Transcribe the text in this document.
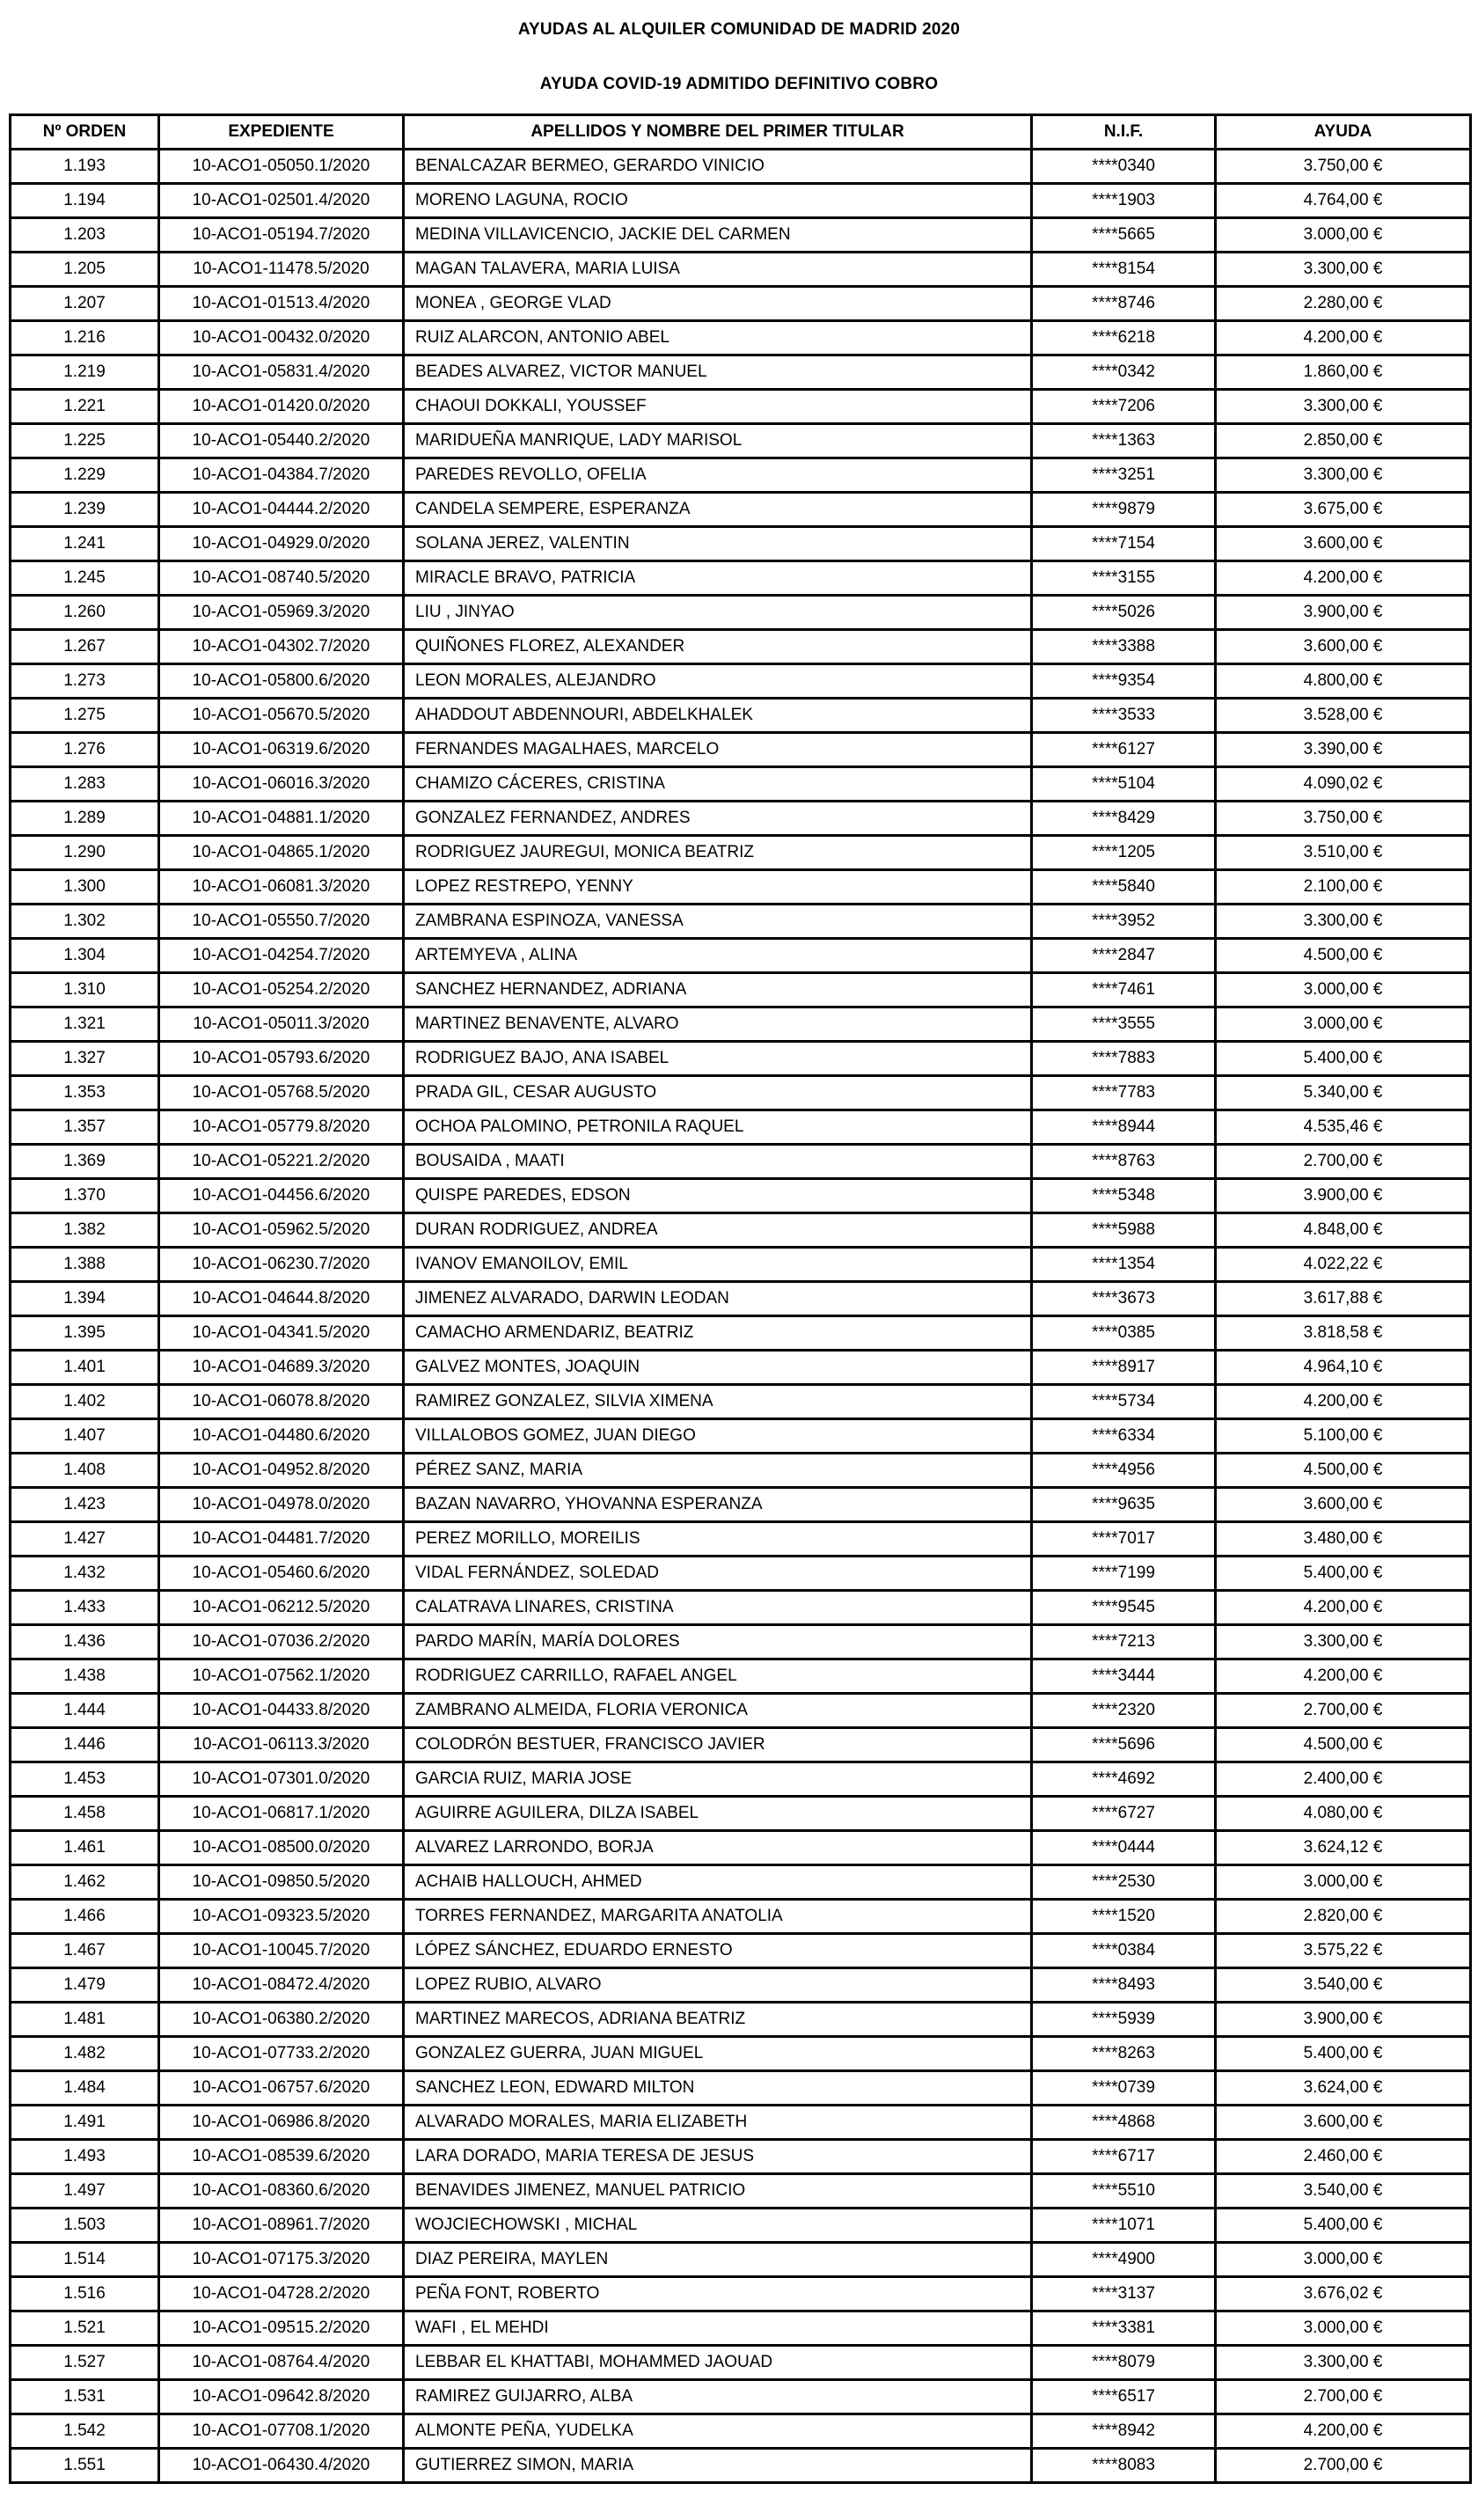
AYUDAS AL ALQUILER COMUNIDAD DE MADRID 2020
AYUDA COVID-19 ADMITIDO DEFINITIVO COBRO
Nº ORDEN	EXPEDIENTE	APELLIDOS Y NOMBRE DEL PRIMER TITULAR	N.I.F.	AYUDA
1.193	10-ACO1-05050.1/2020	BENALCAZAR BERMEO, GERARDO VINICIO	****0340	3.750,00 €
1.194	10-ACO1-02501.4/2020	MORENO LAGUNA, ROCIO	****1903	4.764,00 €
1.203	10-ACO1-05194.7/2020	MEDINA VILLAVICENCIO, JACKIE DEL CARMEN	****5665	3.000,00 €
1.205	10-ACO1-11478.5/2020	MAGAN TALAVERA, MARIA LUISA	****8154	3.300,00 €
1.207	10-ACO1-01513.4/2020	MONEA , GEORGE VLAD	****8746	2.280,00 €
1.216	10-ACO1-00432.0/2020	RUIZ ALARCON, ANTONIO ABEL	****6218	4.200,00 €
1.219	10-ACO1-05831.4/2020	BEADES ALVAREZ, VICTOR MANUEL	****0342	1.860,00 €
1.221	10-ACO1-01420.0/2020	CHAOUI DOKKALI, YOUSSEF	****7206	3.300,00 €
1.225	10-ACO1-05440.2/2020	MARIDUEÑA MANRIQUE, LADY MARISOL	****1363	2.850,00 €
1.229	10-ACO1-04384.7/2020	PAREDES REVOLLO, OFELIA	****3251	3.300,00 €
1.239	10-ACO1-04444.2/2020	CANDELA SEMPERE, ESPERANZA	****9879	3.675,00 €
1.241	10-ACO1-04929.0/2020	SOLANA JEREZ, VALENTIN	****7154	3.600,00 €
1.245	10-ACO1-08740.5/2020	MIRACLE BRAVO, PATRICIA	****3155	4.200,00 €
1.260	10-ACO1-05969.3/2020	LIU , JINYAO	****5026	3.900,00 €
1.267	10-ACO1-04302.7/2020	QUIÑONES FLOREZ, ALEXANDER	****3388	3.600,00 €
1.273	10-ACO1-05800.6/2020	LEON MORALES, ALEJANDRO	****9354	4.800,00 €
1.275	10-ACO1-05670.5/2020	AHADDOUT ABDENNOURI, ABDELKHALEK	****3533	3.528,00 €
1.276	10-ACO1-06319.6/2020	FERNANDES MAGALHAES, MARCELO	****6127	3.390,00 €
1.283	10-ACO1-06016.3/2020	CHAMIZO CÁCERES, CRISTINA	****5104	4.090,02 €
1.289	10-ACO1-04881.1/2020	GONZALEZ FERNANDEZ, ANDRES	****8429	3.750,00 €
1.290	10-ACO1-04865.1/2020	RODRIGUEZ JAUREGUI, MONICA BEATRIZ	****1205	3.510,00 €
1.300	10-ACO1-06081.3/2020	LOPEZ RESTREPO, YENNY	****5840	2.100,00 €
1.302	10-ACO1-05550.7/2020	ZAMBRANA ESPINOZA, VANESSA	****3952	3.300,00 €
1.304	10-ACO1-04254.7/2020	ARTEMYEVA , ALINA	****2847	4.500,00 €
1.310	10-ACO1-05254.2/2020	SANCHEZ HERNANDEZ, ADRIANA	****7461	3.000,00 €
1.321	10-ACO1-05011.3/2020	MARTINEZ BENAVENTE, ALVARO	****3555	3.000,00 €
1.327	10-ACO1-05793.6/2020	RODRIGUEZ BAJO, ANA ISABEL	****7883	5.400,00 €
1.353	10-ACO1-05768.5/2020	PRADA GIL, CESAR AUGUSTO	****7783	5.340,00 €
1.357	10-ACO1-05779.8/2020	OCHOA PALOMINO, PETRONILA RAQUEL	****8944	4.535,46 €
1.369	10-ACO1-05221.2/2020	BOUSAIDA , MAATI	****8763	2.700,00 €
1.370	10-ACO1-04456.6/2020	QUISPE PAREDES, EDSON	****5348	3.900,00 €
1.382	10-ACO1-05962.5/2020	DURAN RODRIGUEZ, ANDREA	****5988	4.848,00 €
1.388	10-ACO1-06230.7/2020	IVANOV EMANOILOV, EMIL	****1354	4.022,22 €
1.394	10-ACO1-04644.8/2020	JIMENEZ ALVARADO, DARWIN LEODAN	****3673	3.617,88 €
1.395	10-ACO1-04341.5/2020	CAMACHO ARMENDARIZ, BEATRIZ	****0385	3.818,58 €
1.401	10-ACO1-04689.3/2020	GALVEZ MONTES, JOAQUIN	****8917	4.964,10 €
1.402	10-ACO1-06078.8/2020	RAMIREZ GONZALEZ, SILVIA XIMENA	****5734	4.200,00 €
1.407	10-ACO1-04480.6/2020	VILLALOBOS GOMEZ, JUAN DIEGO	****6334	5.100,00 €
1.408	10-ACO1-04952.8/2020	PÉREZ SANZ, MARIA	****4956	4.500,00 €
1.423	10-ACO1-04978.0/2020	BAZAN NAVARRO, YHOVANNA ESPERANZA	****9635	3.600,00 €
1.427	10-ACO1-04481.7/2020	PEREZ MORILLO, MOREILIS	****7017	3.480,00 €
1.432	10-ACO1-05460.6/2020	VIDAL FERNÁNDEZ, SOLEDAD	****7199	5.400,00 €
1.433	10-ACO1-06212.5/2020	CALATRAVA LINARES, CRISTINA	****9545	4.200,00 €
1.436	10-ACO1-07036.2/2020	PARDO MARÍN, MARÍA DOLORES	****7213	3.300,00 €
1.438	10-ACO1-07562.1/2020	RODRIGUEZ CARRILLO, RAFAEL ANGEL	****3444	4.200,00 €
1.444	10-ACO1-04433.8/2020	ZAMBRANO ALMEIDA, FLORIA VERONICA	****2320	2.700,00 €
1.446	10-ACO1-06113.3/2020	COLODRÓN BESTUER, FRANCISCO JAVIER	****5696	4.500,00 €
1.453	10-ACO1-07301.0/2020	GARCIA RUIZ, MARIA JOSE	****4692	2.400,00 €
1.458	10-ACO1-06817.1/2020	AGUIRRE AGUILERA, DILZA ISABEL	****6727	4.080,00 €
1.461	10-ACO1-08500.0/2020	ALVAREZ LARRONDO, BORJA	****0444	3.624,12 €
1.462	10-ACO1-09850.5/2020	ACHAIB HALLOUCH, AHMED	****2530	3.000,00 €
1.466	10-ACO1-09323.5/2020	TORRES FERNANDEZ, MARGARITA ANATOLIA	****1520	2.820,00 €
1.467	10-ACO1-10045.7/2020	LÓPEZ SÁNCHEZ, EDUARDO ERNESTO	****0384	3.575,22 €
1.479	10-ACO1-08472.4/2020	LOPEZ RUBIO, ALVARO	****8493	3.540,00 €
1.481	10-ACO1-06380.2/2020	MARTINEZ MARECOS, ADRIANA BEATRIZ	****5939	3.900,00 €
1.482	10-ACO1-07733.2/2020	GONZALEZ GUERRA, JUAN MIGUEL	****8263	5.400,00 €
1.484	10-ACO1-06757.6/2020	SANCHEZ LEON, EDWARD MILTON	****0739	3.624,00 €
1.491	10-ACO1-06986.8/2020	ALVARADO MORALES, MARIA ELIZABETH	****4868	3.600,00 €
1.493	10-ACO1-08539.6/2020	LARA DORADO, MARIA TERESA DE JESUS	****6717	2.460,00 €
1.497	10-ACO1-08360.6/2020	BENAVIDES JIMENEZ, MANUEL PATRICIO	****5510	3.540,00 €
1.503	10-ACO1-08961.7/2020	WOJCIECHOWSKI , MICHAL	****1071	5.400,00 €
1.514	10-ACO1-07175.3/2020	DIAZ PEREIRA, MAYLEN	****4900	3.000,00 €
1.516	10-ACO1-04728.2/2020	PEÑA FONT, ROBERTO	****3137	3.676,02 €
1.521	10-ACO1-09515.2/2020	WAFI , EL MEHDI	****3381	3.000,00 €
1.527	10-ACO1-08764.4/2020	LEBBAR EL KHATTABI, MOHAMMED JAOUAD	****8079	3.300,00 €
1.531	10-ACO1-09642.8/2020	RAMIREZ GUIJARRO, ALBA	****6517	2.700,00 €
1.542	10-ACO1-07708.1/2020	ALMONTE PEÑA, YUDELKA	****8942	4.200,00 €
1.551	10-ACO1-06430.4/2020	GUTIERREZ SIMON, MARIA	****8083	2.700,00 €
